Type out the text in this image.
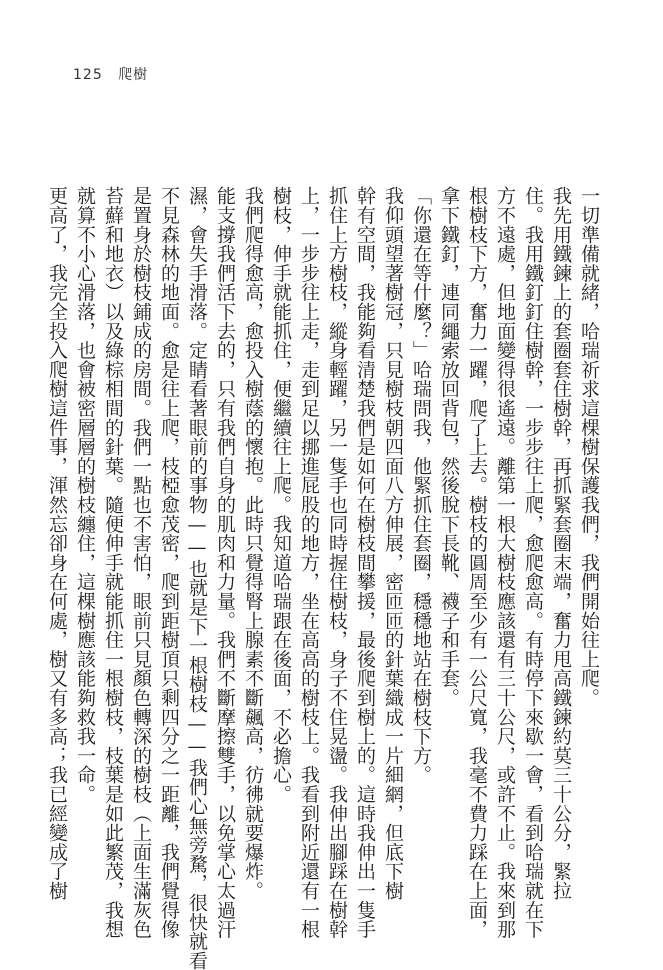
125 爬樹
一切準備就緒，哈瑞祈求這棵樹保護我們，我們開始往上爬。
我先用鐵鍊上的套圈套住樹幹，再抓緊套圈末端，奮力甩高鐵鍊約莫三十公分，緊拉
住。我用鐵釘釘住樹幹，一步步往上爬，愈爬愈高。有時停下來歇一會，看到哈瑞就在下
方不遠處，但地面變得很遙遠。離第一根大樹枝應該還有三十公尺，或許不止。我來到那
根樹枝下方，奮力一躍，爬了上去。樹枝的圓周至少有一公尺寬，我毫不費力踩在上面，
拿下鐵釘，連同繩索放回背包，然後脫下長靴、襪子和手套。
「你還在等什麼？」哈瑞問我，他緊抓住套圈，穩穩地站在樹枝下方。
我仰頭望著樹冠，只見樹枝朝四面八方伸展，密匝匝的針葉織成一片細網，但底下樹
幹有空間，我能夠看清楚我們是如何在樹枝間攀援，最後爬到樹上的。這時我伸出一隻手
抓住上方樹枝，縱身輕躍，另一隻手也同時握住樹枝，身子不住晃盪。我伸出腳踩在樹幹
上，一步步往上走，走到足以挪進屁股的地方，坐在高高的樹枝上。我看到附近還有一根
樹枝，伸手就能抓住，便繼續往上爬。我知道哈瑞跟在後面，不必擔心。
我們爬得愈高，愈投入樹蔭的懷抱。此時只覺得腎上腺素不斷飆高，彷彿就要爆炸。
能支撐我們活下去的，只有我們自身的肌肉和力量。我們不斷摩擦雙手，以免掌心太過汗
濕，會失手滑落。定睛看著眼前的事物——也就是下一根樹枝——我們心無旁騖，很快就看
不見森林的地面。愈是往上爬，枝椏愈茂密，爬到距樹頂只剩四分之一距離，我們覺得像
是置身於樹枝鋪成的房間。我們一點也不害怕，眼前只見顏色轉深的樹枝（上面生滿灰色
苔蘚和地衣）以及綠棕相間的針葉。隨便伸手就能抓住一根樹枝，枝葉是如此繁茂，我想
就算不小心滑落，也會被密層層的樹枝纏住，這棵樹應該能夠救我一命。
更高了，我完全投入爬樹這件事，渾然忘卻身在何處，樹又有多高；我已經變成了樹
